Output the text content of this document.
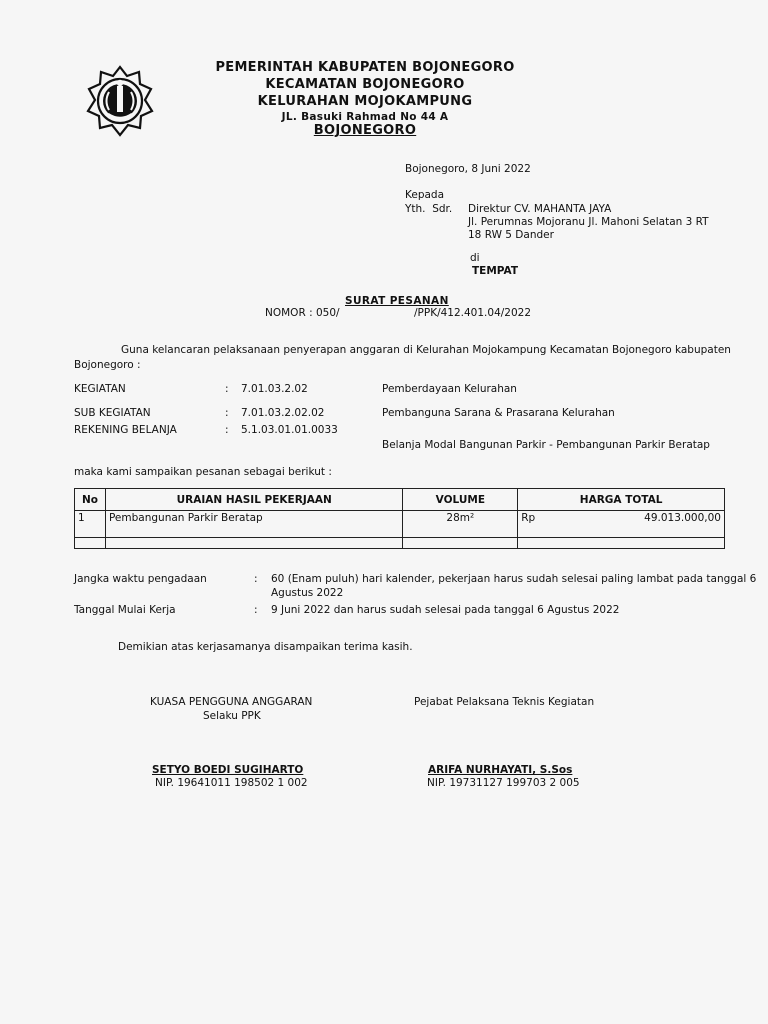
PEMERINTAH KABUPATEN BOJONEGORO
KECAMATAN BOJONEGORO
KELURAHAN MOJOKAMPUNG
JL. Basuki Rahmad No 44 A
BOJONEGORO
Bojonegoro, 8 Juni 2022
Kepada
Yth.  Sdr. Direktur CV. MAHANTA JAYA
Jl. Perumnas Mojoranu Jl. Mahoni Selatan 3 RT
18 RW 5 Dander
di
TEMPAT
SURAT PESANAN
NOMOR : 050/	/PPK/412.401.04/2022
Guna kelancaran pelaksanaan penyerapan anggaran di Kelurahan Mojokampung Kecamatan Bojonegoro kabupaten
Bojonegoro :
KEGIATAN	: 7.01.03.2.02	Pemberdayaan Kelurahan
SUB KEGIATAN	: 7.01.03.2.02.02	Pembanguna Sarana & Prasarana Kelurahan
REKENING BELANJA	: 5.1.03.01.01.0033
Belanja Modal Bangunan Parkir - Pembangunan Parkir Beratap
maka kami sampaikan pesanan sebagai berikut :
No	URAIAN HASIL PEKERJAAN	VOLUME	HARGA TOTAL
1	Pembangunan Parkir Beratap	28m²	Rp 49.013.000,00

Jangka waktu pengadaan	: 60 (Enam puluh) hari kalender, pekerjaan harus sudah selesai paling lambat pada tanggal 6
Agustus 2022
Tanggal Mulai Kerja	: 9 Juni 2022 dan harus sudah selesai pada tanggal 6 Agustus 2022
Demikian atas kerjasamanya disampaikan terima kasih.
KUASA PENGGUNA ANGGARAN
Selaku PPK
SETYO BOEDI SUGIHARTO
NIP. 19641011 198502 1 002
Pejabat Pelaksana Teknis Kegiatan
ARIFA NURHAYATI, S.Sos
NIP. 19731127 199703 2 005
